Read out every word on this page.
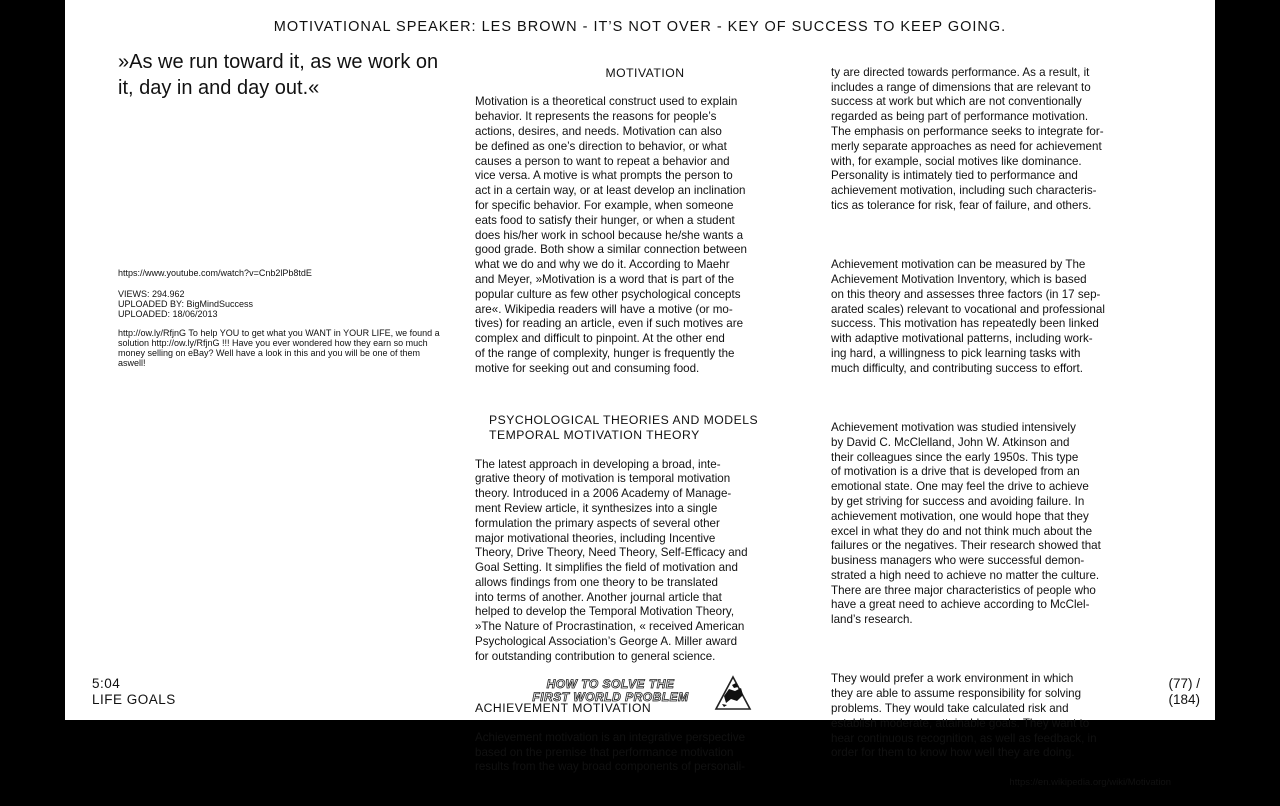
MOTIVATIONAL SPEAKER: LES BROWN - IT’S NOT OVER - KEY OF SUCCESS TO KEEP GOING.
»As we run toward it, as we work on it, day in and day out.«
https://www.youtube.com/watch?v=Cnb2lPb8tdE
VIEWS: 294.962
UPLOADED BY: BigMindSuccess
UPLOADED: 18/06/2013
http://ow.ly/RfjnG To help YOU to get what you WANT in YOUR LIFE, we found a solution http://ow.ly/RfjnG !!! Have you ever wondered how they earn so much money selling on eBay? Well have a look in this and you will be one of them aswell!

MOTIVATION

Motivation is a theoretical construct used to explain
behavior. It represents the reasons for people’s
actions, desires, and needs. Motivation can also
be defined as one’s direction to behavior, or what
causes a person to want to repeat a behavior and
vice versa. A motive is what prompts the person to
act in a certain way, or at least develop an inclination
for specific behavior. For example, when someone
eats food to satisfy their hunger, or when a student
does his/her work in school because he/she wants a
good grade. Both show a similar connection between
what we do and why we do it. According to Maehr
and Meyer, »Motivation is a word that is part of the
popular culture as few other psychological concepts
are«. Wikipedia readers will have a motive (or mo-
tives) for reading an article, even if such motives are
complex and difficult to pinpoint. At the other end
of the range of complexity, hunger is frequently the
motive for seeking out and consuming food.

PSYCHOLOGICAL THEORIES AND MODELS
TEMPORAL MOTIVATION THEORY

The latest approach in developing a broad, inte-
grative theory of motivation is temporal motivation
theory. Introduced in a 2006 Academy of Manage-
ment Review article, it synthesizes into a single
formulation the primary aspects of several other
major motivational theories, including Incentive
Theory, Drive Theory, Need Theory, Self-Efficacy and
Goal Setting. It simplifies the field of motivation and
allows findings from one theory to be translated
into terms of another. Another journal article that
helped to develop the Temporal Motivation Theory,
»The Nature of Procrastination, « received American
Psychological Association’s George A. Miller award
for outstanding contribution to general science.

ACHIEVEMENT MOTIVATION

Achievement motivation is an integrative perspective
based on the premise that performance motivation
results from the way broad components of personali-

ty are directed towards performance. As a result, it
includes a range of dimensions that are relevant to
success at work but which are not conventionally
regarded as being part of performance motivation.
The emphasis on performance seeks to integrate for-
merly separate approaches as need for achievement
with, for example, social motives like dominance.
Personality is intimately tied to performance and
achievement motivation, including such characteris-
tics as tolerance for risk, fear of failure, and others.

Achievement motivation can be measured by The
Achievement Motivation Inventory, which is based
on this theory and assesses three factors (in 17 sep-
arated scales) relevant to vocational and professional
success. This motivation has repeatedly been linked
with adaptive motivational patterns, including work-
ing hard, a willingness to pick learning tasks with
much difficulty, and contributing success to effort.

Achievement motivation was studied intensively
by David C. McClelland, John W. Atkinson and
their colleagues since the early 1950s. This type
of motivation is a drive that is developed from an
emotional state. One may feel the drive to achieve
by get striving for success and avoiding failure. In
achievement motivation, one would hope that they
excel in what they do and not think much about the
failures or the negatives. Their research showed that
business managers who were successful demon-
strated a high need to achieve no matter the culture.
There are three major characteristics of people who
have a great need to achieve according to McClel-
land’s research.

They would prefer a work environment in which
they are able to assume responsibility for solving
problems. They would take calculated risk and
establish moderate, attainable goals. They want to
hear continuous recognition, as well as feedback, in
order for them to know how well they are doing.

https://en.wikipedia.org/wiki/Motivation

5:04
LIFE GOALS
HOW TO SOLVE THE
FIRST WORLD PROBLEM
(77) /
(184)
